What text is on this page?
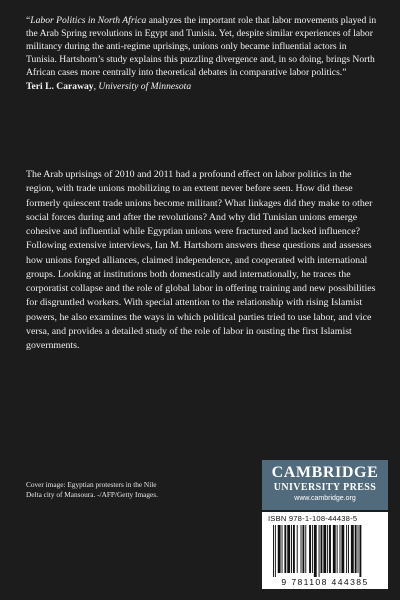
“Labor Politics in North Africa analyzes the important role that labor movements played in the Arab Spring revolutions in Egypt and Tunisia. Yet, despite similar experiences of labor militancy during the anti-regime uprisings, unions only became influential actors in Tunisia. Hartshorn’s study explains this puzzling divergence and, in so doing, brings North African cases more centrally into theoretical debates in comparative labor politics.”

Teri L. Caraway, University of Minnesota

The Arab uprisings of 2010 and 2011 had a profound effect on labor politics in the region, with trade unions mobilizing to an extent never before seen. How did these formerly quiescent trade unions become militant? What linkages did they make to other social forces during and after the revolutions? And why did Tunisian unions emerge cohesive and influential while Egyptian unions were fractured and lacked influence? Following extensive interviews, Ian M. Hartshorn answers these questions and assesses how unions forged alliances, claimed independence, and cooperated with international groups. Looking at institutions both domestically and internationally, he traces the corporatist collapse and the role of global labor in offering training and new possibilities for disgruntled workers. With special attention to the relationship with rising Islamist powers, he also examines the ways in which political parties tried to use labor, and vice versa, and provides a detailed study of the role of labor in ousting the first Islamist governments.

Cover image: Egyptian protesters in the Nile
Delta city of Mansoura. -/AFP/Getty Images.
CAMBRIDGE
UNIVERSITY PRESS
www.cambridge.org
ISBN 978-1-108-44438-5
9 781108 444385
